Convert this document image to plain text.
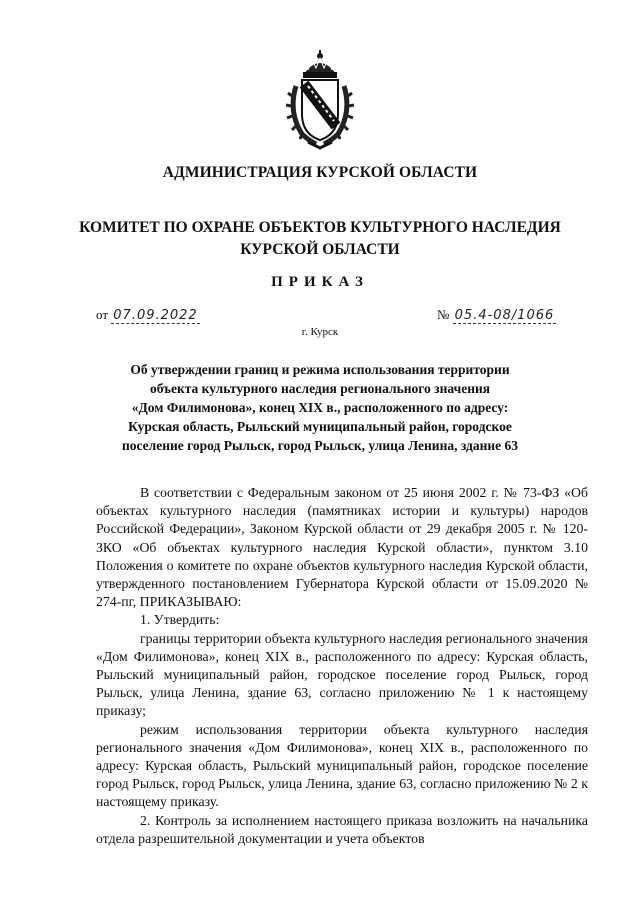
АДМИНИСТРАЦИЯ КУРСКОЙ ОБЛАСТИ
КОМИТЕТ ПО ОХРАНЕ ОБЪЕКТОВ КУЛЬТУРНОГО НАСЛЕДИЯ
КУРСКОЙ ОБЛАСТИ
ПРИКАЗ
от 07.09.2022	№ 05.4-08/1066
г. Курск
Об утверждении границ и режима использования территории
объекта культурного наследия регионального значения
«Дом Филимонова», конец XIX в., расположенного по адресу:
Курская область, Рыльский муниципальный район, городское
поселение город Рыльск, город Рыльск, улица Ленина, здание 63

В соответствии с Федеральным законом от 25 июня 2002 г. № 73-ФЗ «Об объектах культурного наследия (памятниках истории и культуры) народов Российской Федерации», Законом Курской области от 29 декабря 2005 г. № 120-ЗКО «Об объектах культурного наследия Курской области», пунктом 3.10 Положения о комитете по охране объектов культурного наследия Курской области, утвержденного постановлением Губернатора Курской области от 15.09.2020 № 274-пг, ПРИКАЗЫВАЮ:

1. Утвердить:

границы территории объекта культурного наследия регионального значения «Дом Филимонова», конец XIX в., расположенного по адресу: Курская область, Рыльский муниципальный район, городское поселение город Рыльск, город Рыльск, улица Ленина, здание 63, согласно приложению № 1 к настоящему приказу;

режим использования территории объекта культурного наследия регионального значения «Дом Филимонова», конец XIX в., расположенного по адресу: Курская область, Рыльский муниципальный район, городское поселение город Рыльск, город Рыльск, улица Ленина, здание 63, согласно приложению № 2 к настоящему приказу.

2. Контроль за исполнением настоящего приказа возложить на начальника отдела разрешительной документации и учета объектов
